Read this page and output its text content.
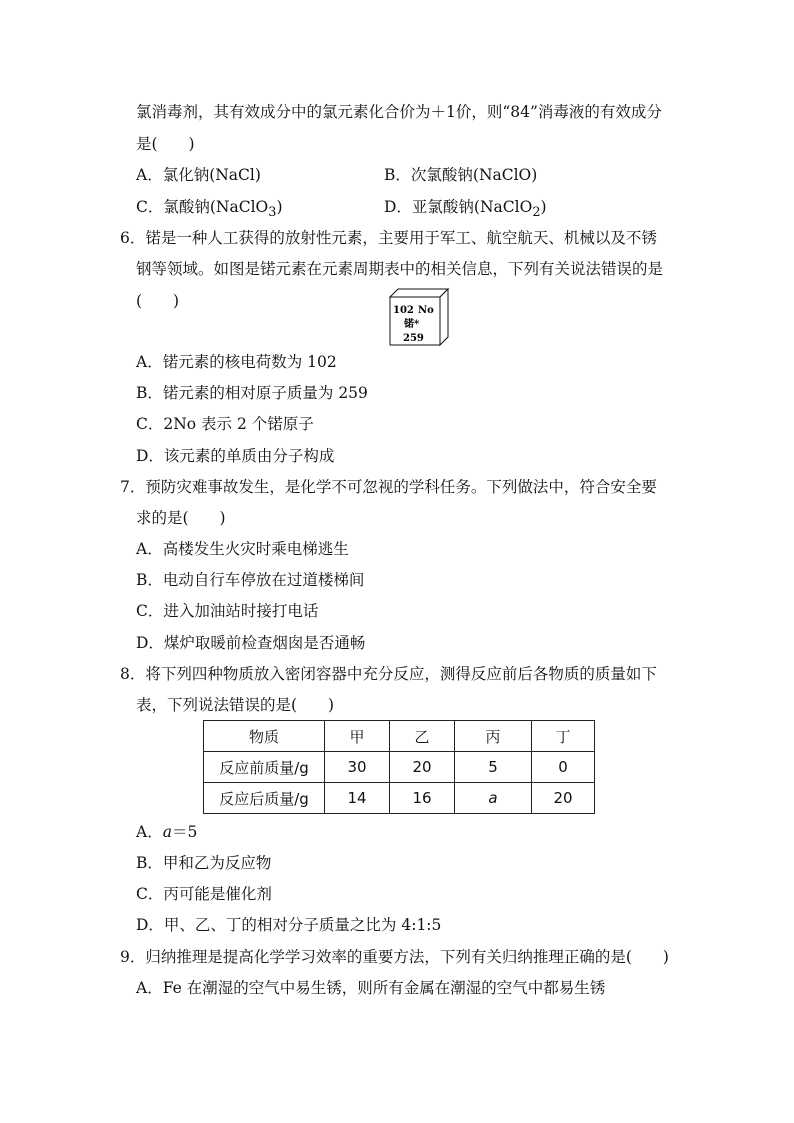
氯消毒剂，其有效成分中的氯元素化合价为＋1价，则“84”消毒液的有效成分
是(　　)
A．氯化钠(NaCl)	B．次氯酸钠(NaClO)
C．氯酸钠(NaClO$_3$)	D．亚氯酸钠(NaClO$_2$)
6．锘是一种人工获得的放射性元素，主要用于军工、航空航天、机械以及不锈
钢等领域。如图是锘元素在元素周期表中的相关信息，下列有关说法错误的是
(　　)
102 No
锘*
259
A．锘元素的核电荷数为 102
B．锘元素的相对原子质量为 259
C．2No 表示 2 个锘原子
D．该元素的单质由分子构成
7．预防灾难事故发生，是化学不可忽视的学科任务。下列做法中，符合安全要
求的是(　　)
A．高楼发生火灾时乘电梯逃生
B．电动自行车停放在过道楼梯间
C．进入加油站时接打电话
D．煤炉取暖前检查烟囱是否通畅
8．将下列四种物质放入密闭容器中充分反应，测得反应前后各物质的质量如下
表，下列说法错误的是(　　)
物质	甲	乙	丙	丁
反应前质量/g	30	20	5	0
反应后质量/g	14	16	a	20
A．a＝5
B．甲和乙为反应物
C．丙可能是催化剂
D．甲、乙、丁的相对分子质量之比为 4:1:5
9．归纳推理是提高化学学习效率的重要方法，下列有关归纳推理正确的是(　　)
A．Fe 在潮湿的空气中易生锈，则所有金属在潮湿的空气中都易生锈
